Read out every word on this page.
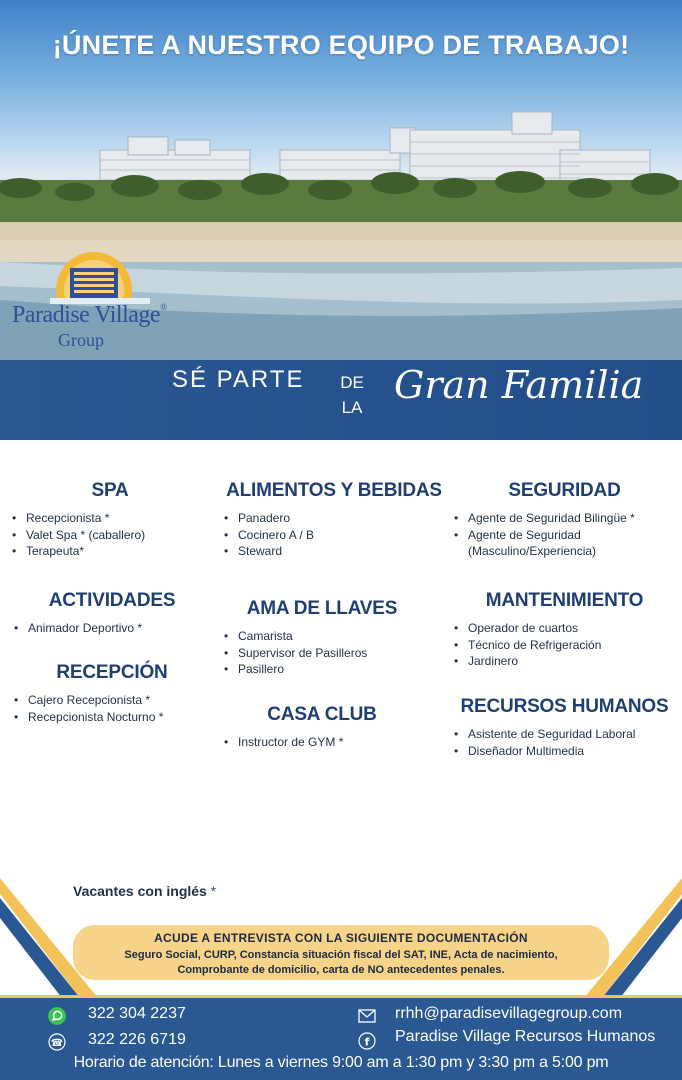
¡ÚNETE A NUESTRO EQUIPO DE TRABAJO!
Paradise Village®
Group
SÉ PARTE DE
LA
Gran Familia
SPA
• Recepcionista *
• Valet Spa * (caballero)
• Terapeuta*
ACTIVIDADES
• Animador Deportivo *
RECEPCIÓN
• Cajero Recepcionista *
• Recepcionista Nocturno *
ALIMENTOS Y BEBIDAS
• Panadero
• Cocinero A / B
• Steward
AMA DE LLAVES
• Camarista
• Supervisor de Pasilleros
• Pasillero
CASA CLUB
• Instructor de GYM *
SEGURIDAD
• Agente de Seguridad Bilingüe *
• Agente de Seguridad
(Masculino/Experiencia)
MANTENIMIENTO
• Operador de cuartos
• Técnico de Refrigeración
• Jardinero
RECURSOS HUMANOS
• Asistente de Seguridad Laboral
• Diseñador Multimedia
Vacantes con inglés *
ACUDE A ENTREVISTA CON LA SIGUIENTE DOCUMENTACIÓN
Seguro Social, CURP, Constancia situación fiscal del SAT, INE, Acta de nacimiento, Comprobante de domicilio, carta de NO antecedentes penales.
322 304 2237
☎ 322 226 6719
rrhh@paradisevillagegroup.com
f Paradise Village Recursos Humanos
Horario de atención: Lunes a viernes 9:00 am a 1:30 pm y 3:30 pm a 5:00 pm
